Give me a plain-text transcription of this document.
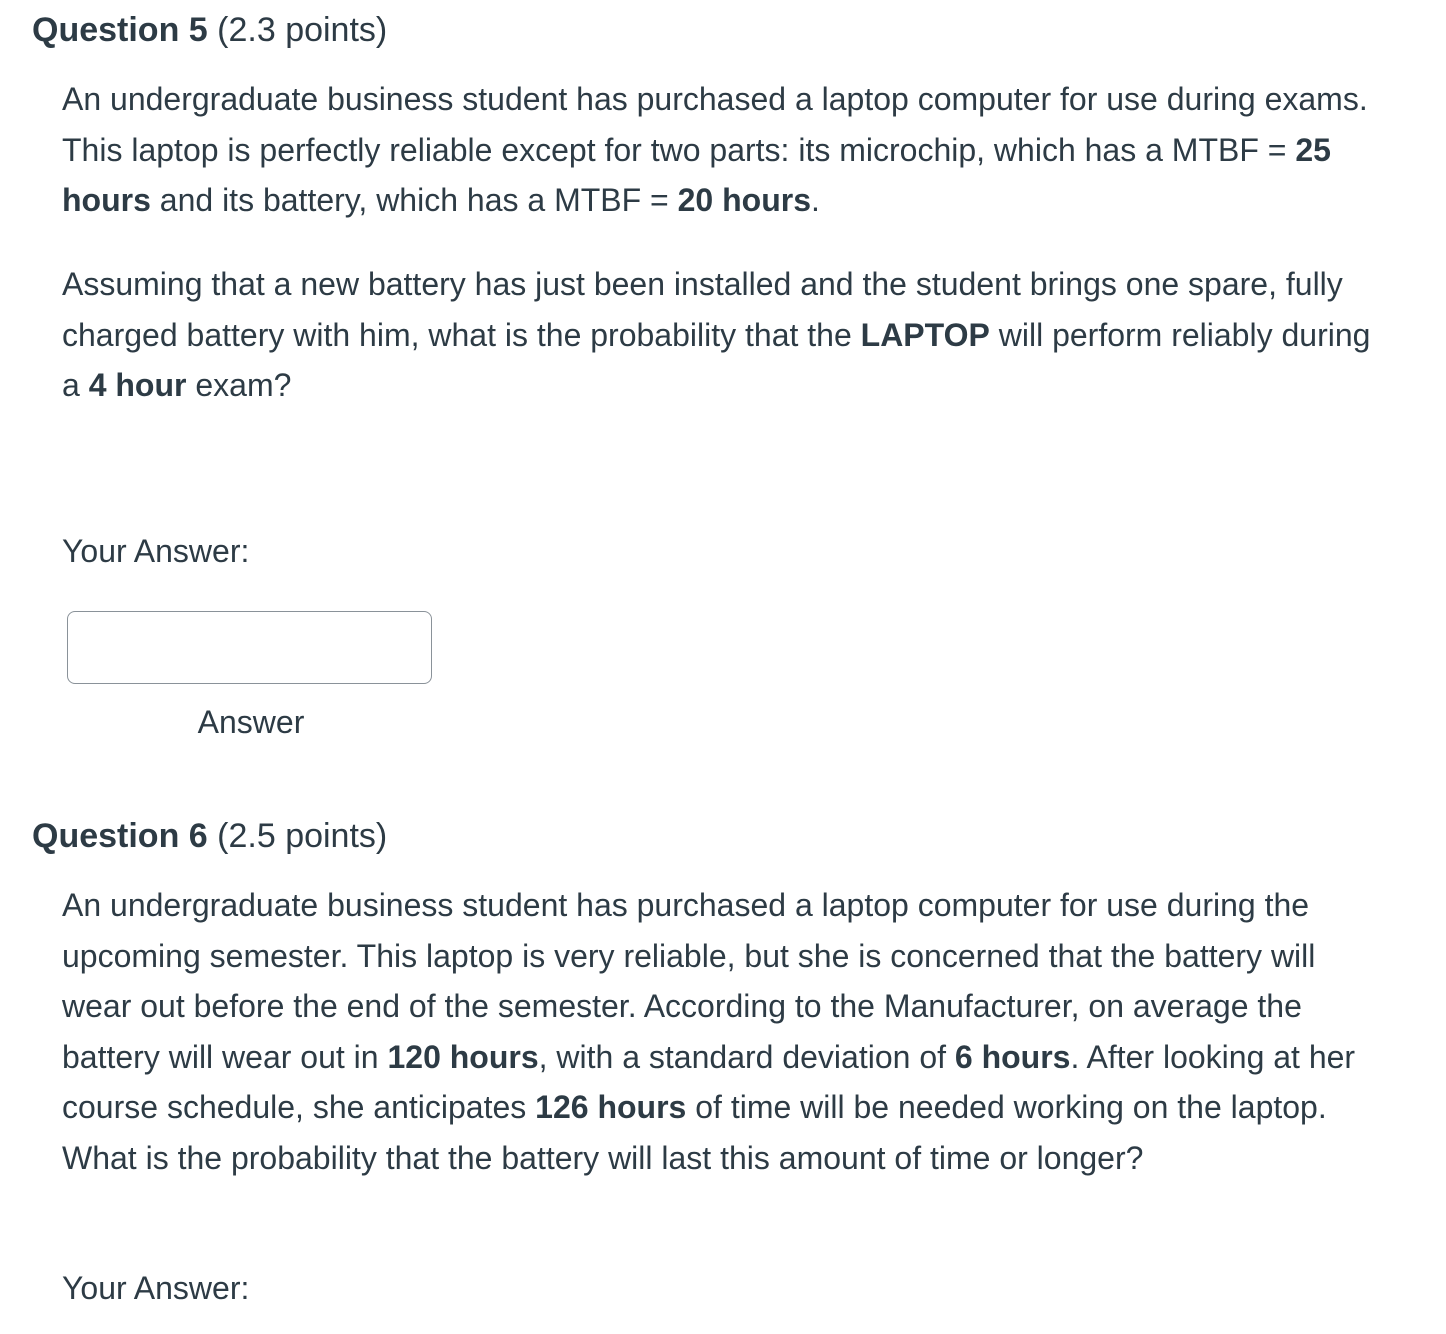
Question 5 (2.3 points)

An undergraduate business student has purchased a laptop computer for use during exams. This laptop is perfectly reliable except for two parts: its microchip, which has a MTBF = 25 hours and its battery, which has a MTBF = 20 hours.

Assuming that a new battery has just been installed and the student brings one spare, fully charged battery with him, what is the probability that the LAPTOP will perform reliably during a 4 hour exam?

Your Answer:
Answer
Question 6 (2.5 points)

An undergraduate business student has purchased a laptop computer for use during the upcoming semester. This laptop is very reliable, but she is concerned that the battery will wear out before the end of the semester. According to the Manufacturer, on average the battery will wear out in 120 hours, with a standard deviation of 6 hours. After looking at her course schedule, she anticipates 126 hours of time will be needed working on the laptop. What is the probability that the battery will last this amount of time or longer?

Your Answer:
